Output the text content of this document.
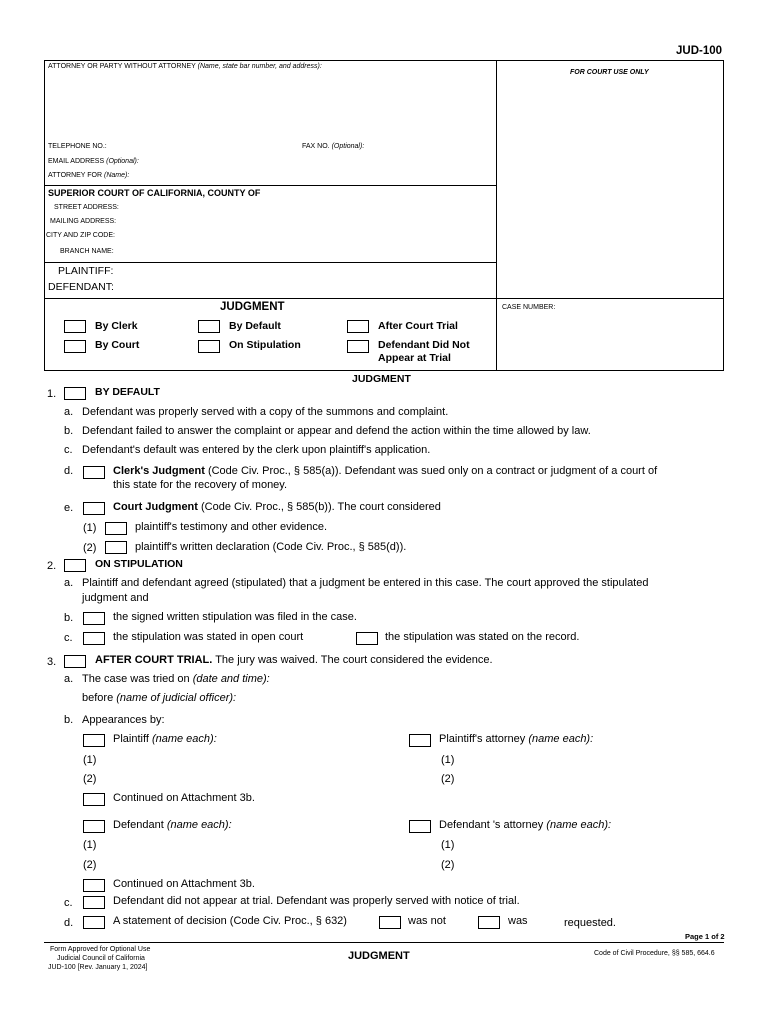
JUD-100
ATTORNEY OR PARTY WITHOUT ATTORNEY (Name, state bar number, and address):
FOR COURT USE ONLY
TELEPHONE NO.:	FAX NO. (Optional):
EMAIL ADDRESS (Optional):
ATTORNEY FOR (Name):
SUPERIOR COURT OF CALIFORNIA, COUNTY OF
STREET ADDRESS:
MAILING ADDRESS:
CITY AND ZIP CODE:
BRANCH NAME:
PLAINTIFF:
DEFENDANT:
JUDGMENT	CASE NUMBER:
By Clerk	By Default	After Court Trial
By Court	On Stipulation	Defendant Did Not
Appear at Trial
JUDGMENT
1.	BY DEFAULT
a. Defendant was properly served with a copy of the summons and complaint.
b. Defendant failed to answer the complaint or appear and defend the action within the time allowed by law.
c. Defendant's default was entered by the clerk upon plaintiff's application.
d.	Clerk's Judgment (Code Civ. Proc., § 585(a)). Defendant was sued only on a contract or judgment of a court of
this state for the recovery of money.
e.	Court Judgment (Code Civ. Proc., § 585(b)). The court considered
(1)	plaintiff's testimony and other evidence.
(2)	plaintiff's written declaration (Code Civ. Proc., § 585(d)).
2.	ON STIPULATION
a. Plaintiff and defendant agreed (stipulated) that a judgment be entered in this case. The court approved the stipulated
judgment and
b.	the signed written stipulation was filed in the case.
c.	the stipulation was stated in open court	the stipulation was stated on the record.
3.	AFTER COURT TRIAL. The jury was waived. The court considered the evidence.
a. The case was tried on (date and time):
before (name of judicial officer):
b. Appearances by:
Plaintiff (name each):	Plaintiff's attorney (name each):
(1)	(1)
(2)	(2)
Continued on Attachment 3b.
Defendant (name each):	Defendant 's attorney (name each):
(1)	(1)
(2)	(2)
Continued on Attachment 3b.
c.	Defendant did not appear at trial. Defendant was properly served with notice of trial.
d.	A statement of decision (Code Civ. Proc., § 632)	was not	was	requested.
Page 1 of 2
Form Approved for Optional Use
Judicial Council of California
JUD-100 [Rev. January 1, 2024]
JUDGMENT	Code of Civil Procedure, §§ 585, 664.6
